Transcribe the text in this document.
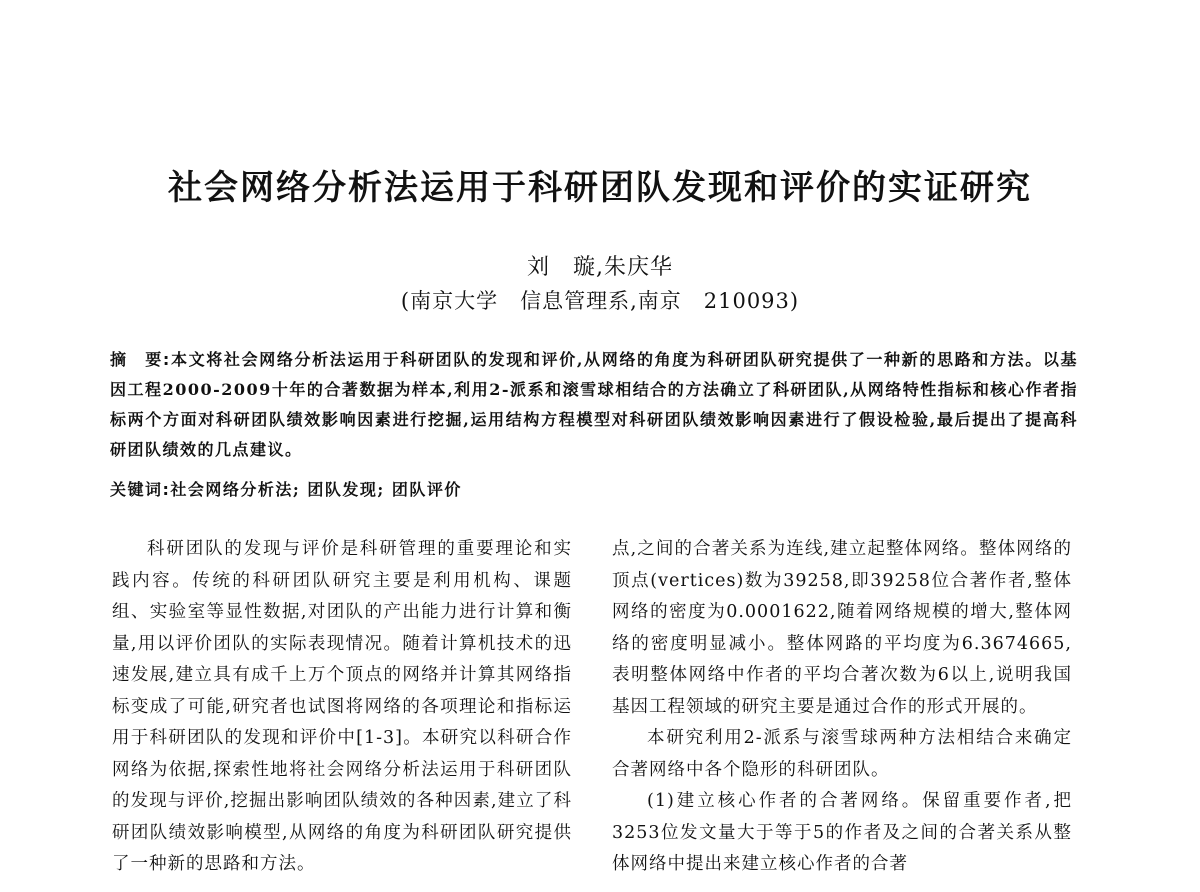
社会网络分析法运用于科研团队发现和评价的实证研究
刘　璇,朱庆华
(南京大学　信息管理系,南京　210093)
摘　要:本文将社会网络分析法运用于科研团队的发现和评价,从网络的角度为科研团队研究提供了一种新的思路和方法。以基因工程2000-2009十年的合著数据为样本,利用2-派系和滚雪球相结合的方法确立了科研团队,从网络特性指标和核心作者指标两个方面对科研团队绩效影响因素进行挖掘,运用结构方程模型对科研团队绩效影响因素进行了假设检验,最后提出了提高科研团队绩效的几点建议。
关键词:社会网络分析法; 团队发现; 团队评价

科研团队的发现与评价是科研管理的重要理论和实践内容。传统的科研团队研究主要是利用机构、课题组、实验室等显性数据,对团队的产出能力进行计算和衡量,用以评价团队的实际表现情况。随着计算机技术的迅速发展,建立具有成千上万个顶点的网络并计算其网络指标变成了可能,研究者也试图将网络的各项理论和指标运用于科研团队的发现和评价中[1-3]。本研究以科研合作网络为依据,探索性地将社会网络分析法运用于科研团队的发现与评价,挖掘出影响团队绩效的各种因素,建立了科研团队绩效影响模型,从网络的角度为科研团队研究提供了一种新的思路和方法。

点,之间的合著关系为连线,建立起整体网络。整体网络的顶点(vertices)数为39258,即39258位合著作者,整体网络的密度为0.0001622,随着网络规模的增大,整体网络的密度明显减小。整体网路的平均度为6.3674665,表明整体网络中作者的平均合著次数为6以上,说明我国基因工程领域的研究主要是通过合作的形式开展的。

本研究利用2-派系与滚雪球两种方法相结合来确定合著网络中各个隐形的科研团队。

(1)建立核心作者的合著网络。保留重要作者,把3253位发文量大于等于5的作者及之间的合著关系从整体网络中提出来建立核心作者的合著
